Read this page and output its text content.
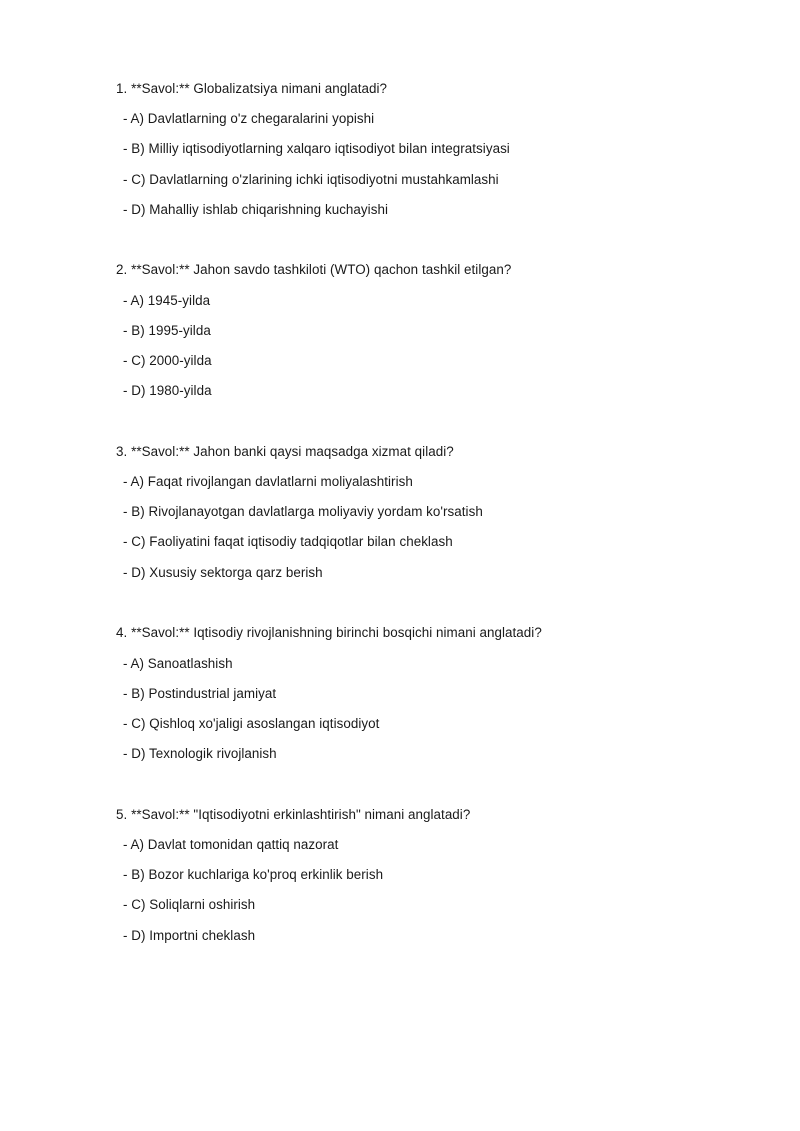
1. **Savol:** Globalizatsiya nimani anglatadi?
- A) Davlatlarning o'z chegaralarini yopishi
- B) Milliy iqtisodiyotlarning xalqaro iqtisodiyot bilan integratsiyasi
- C) Davlatlarning o'zlarining ichki iqtisodiyotni mustahkamlashi
- D) Mahalliy ishlab chiqarishning kuchayishi
2. **Savol:** Jahon savdo tashkiloti (WTO) qachon tashkil etilgan?
- A) 1945-yilda
- B) 1995-yilda
- C) 2000-yilda
- D) 1980-yilda
3. **Savol:** Jahon banki qaysi maqsadga xizmat qiladi?
- A) Faqat rivojlangan davlatlarni moliyalashtirish
- B) Rivojlanayotgan davlatlarga moliyaviy yordam ko'rsatish
- C) Faoliyatini faqat iqtisodiy tadqiqotlar bilan cheklash
- D) Xususiy sektorga qarz berish
4. **Savol:** Iqtisodiy rivojlanishning birinchi bosqichi nimani anglatadi?
- A) Sanoatlashish
- B) Postindustrial jamiyat
- C) Qishloq xo'jaligi asoslangan iqtisodiyot
- D) Texnologik rivojlanish
5. **Savol:** "Iqtisodiyotni erkinlashtirish" nimani anglatadi?
- A) Davlat tomonidan qattiq nazorat
- B) Bozor kuchlariga ko'proq erkinlik berish
- C) Soliqlarni oshirish
- D) Importni cheklash
